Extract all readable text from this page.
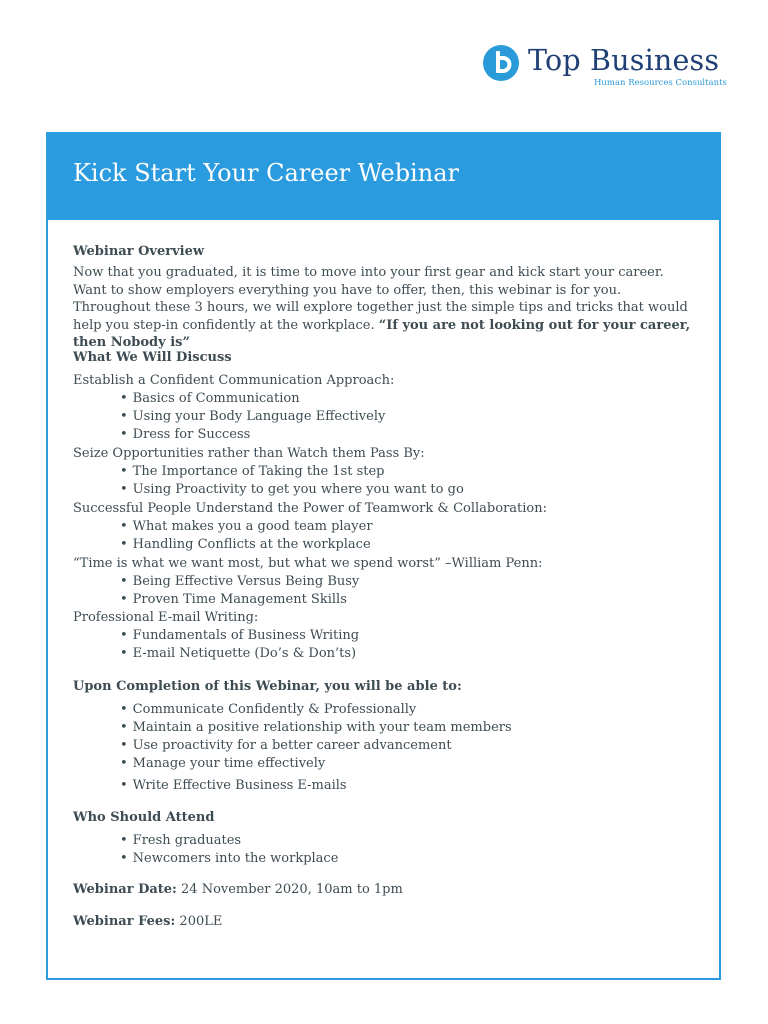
Top Business
Human Resources Consultants
Kick Start Your Career Webinar
Webinar Overview

Now that you graduated, it is time to move into your first gear and kick start your career. Want to show employers everything you have to offer, then, this webinar is for you. Throughout these 3 hours, we will explore together just the simple tips and tricks that would help you step-in confidently at the workplace. “If you are not looking out for your career, then Nobody is”

What We Will Discuss
Establish a Confident Communication Approach:
• Basics of Communication
• Using your Body Language Effectively
• Dress for Success
Seize Opportunities rather than Watch them Pass By:
• The Importance of Taking the 1st step
• Using Proactivity to get you where you want to go
Successful People Understand the Power of Teamwork & Collaboration:
• What makes you a good team player
• Handling Conflicts at the workplace
“Time is what we want most, but what we spend worst” –William Penn:
• Being Effective Versus Being Busy
• Proven Time Management Skills
Professional E-mail Writing:
• Fundamentals of Business Writing
• E-mail Netiquette (Do’s & Don’ts)
Upon Completion of this Webinar, you will be able to:
• Communicate Confidently & Professionally
• Maintain a positive relationship with your team members
• Use proactivity for a better career advancement
• Manage your time effectively
• Write Effective Business E-mails
Who Should Attend
• Fresh graduates
• Newcomers into the workplace
Webinar Date: 24 November 2020, 10am to 1pm
Webinar Fees: 200LE
